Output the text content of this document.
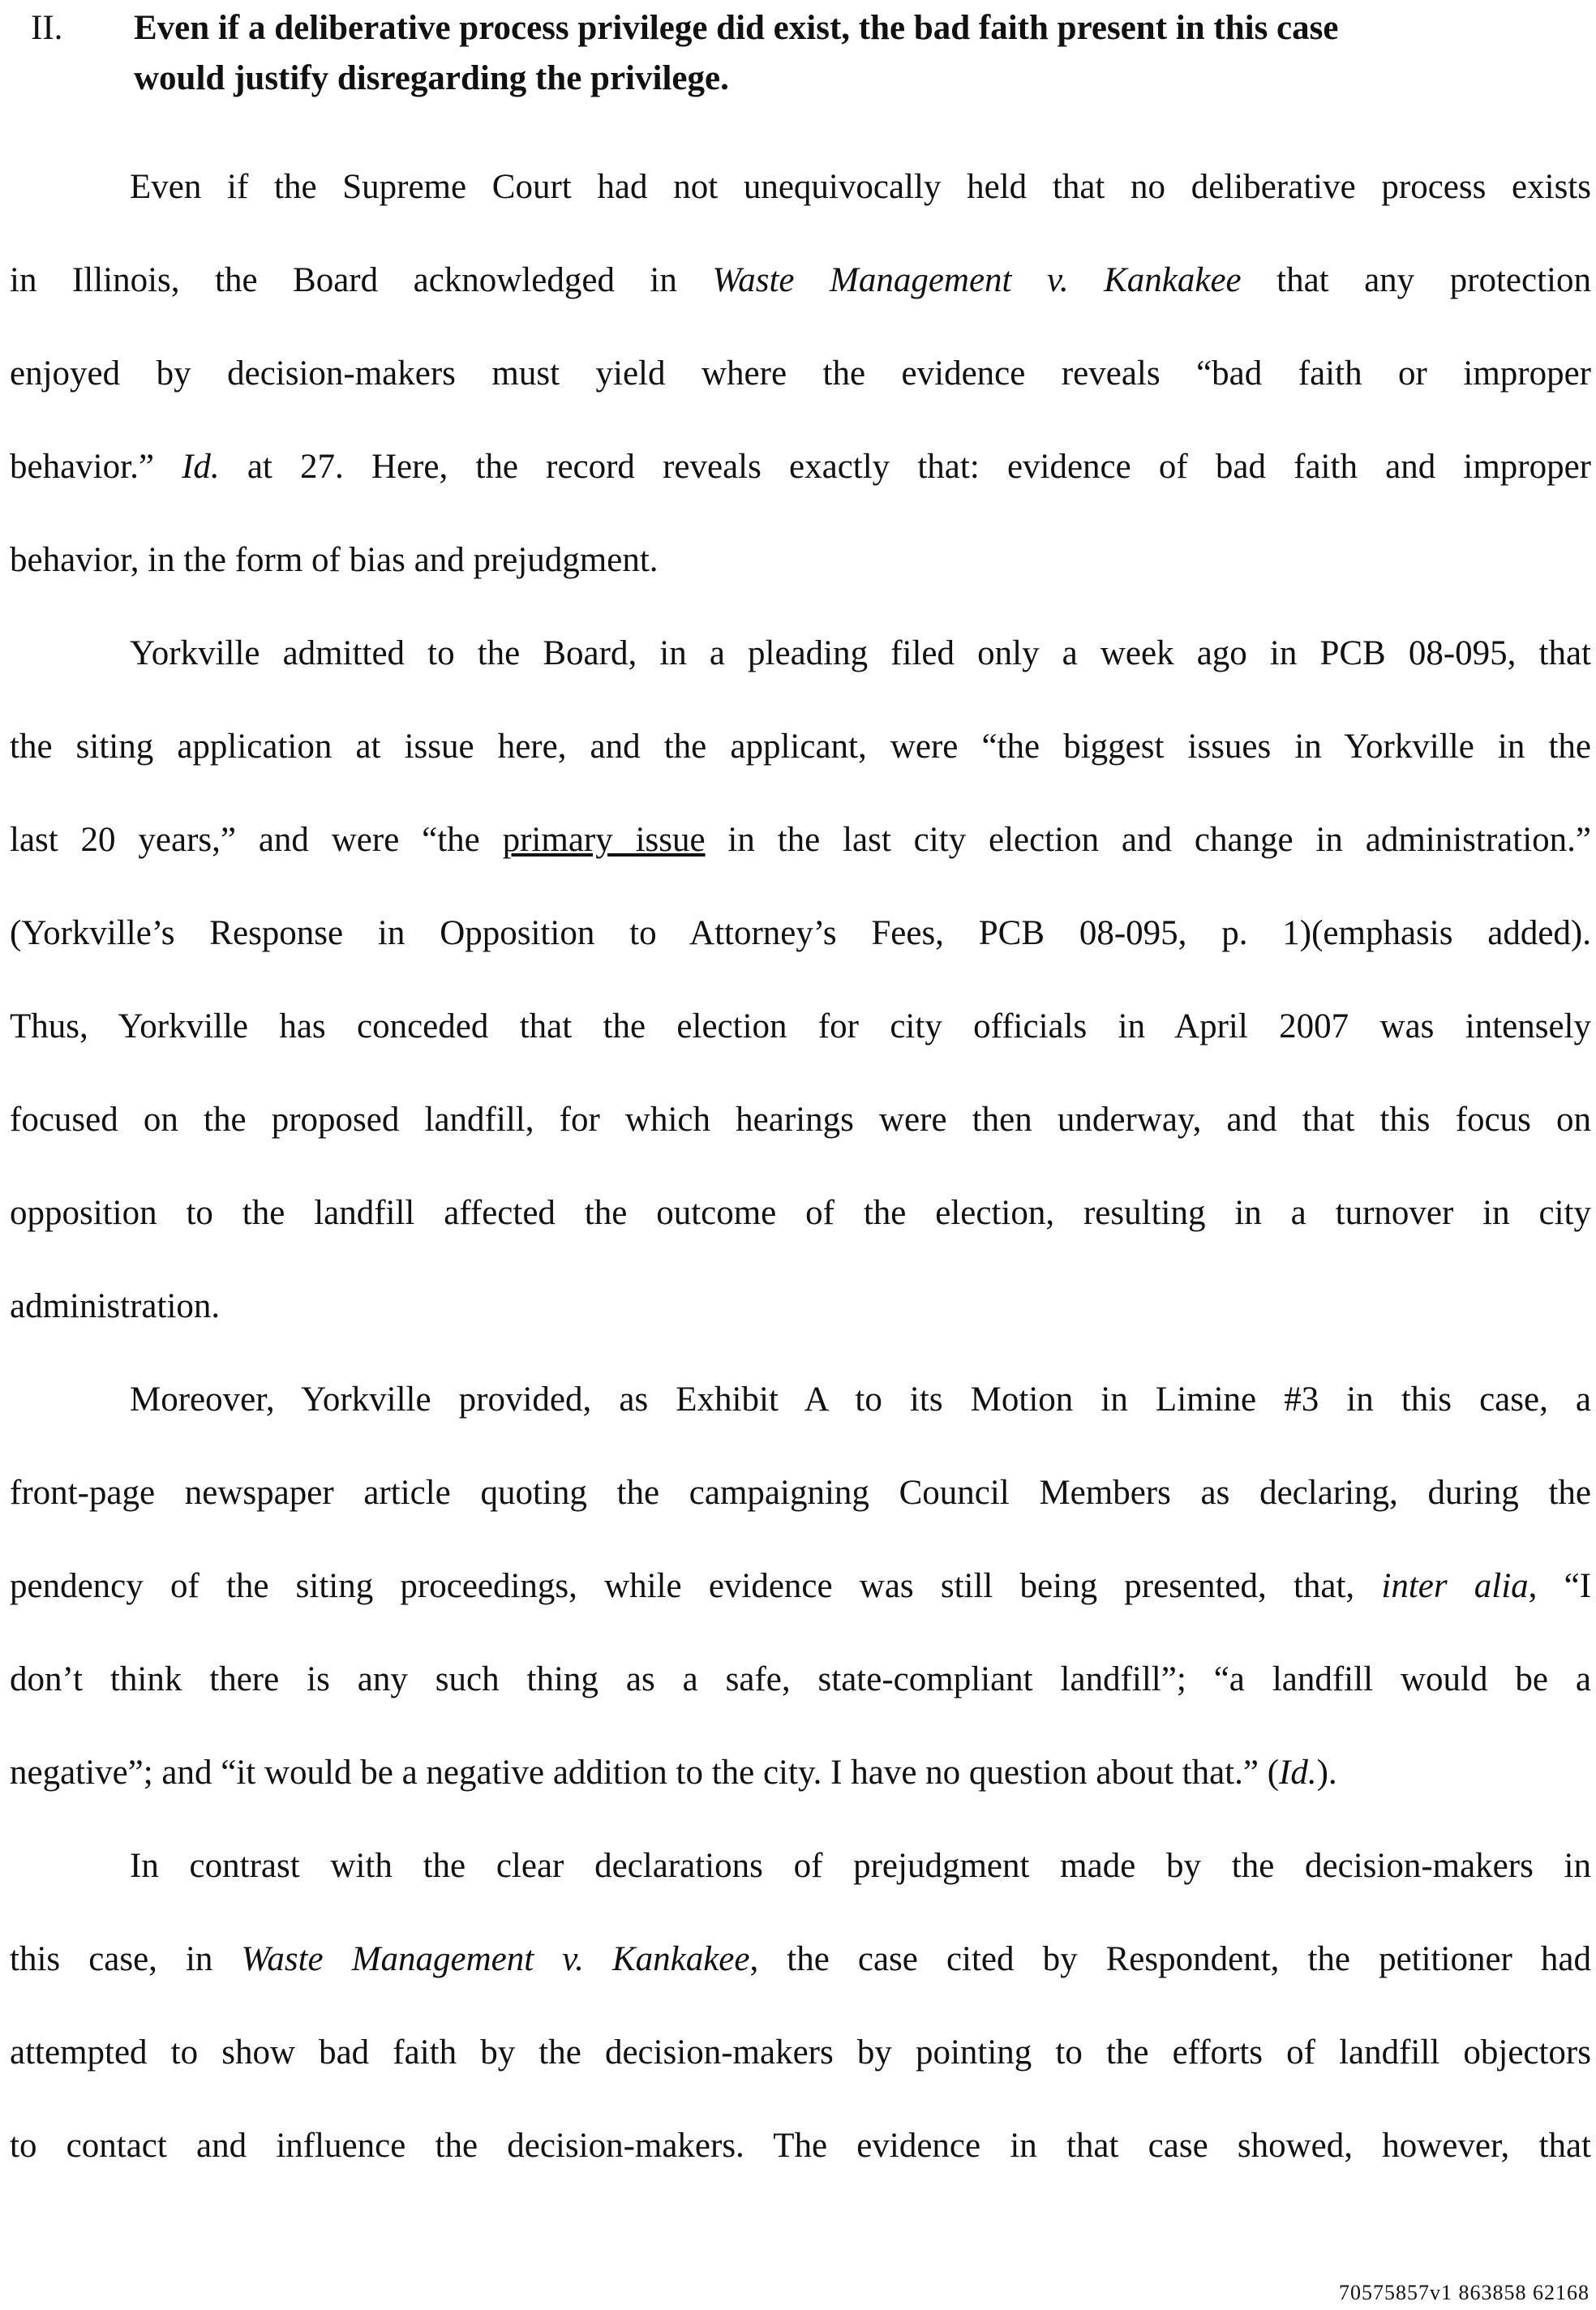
II. Even if a deliberative process privilege did exist, the bad faith present in this case
would justify disregarding the privilege.
Even if the Supreme Court had not unequivocally held that no deliberative process exists
in Illinois, the Board acknowledged in Waste Management v. Kankakee that any protection
enjoyed by decision-makers must yield where the evidence reveals “bad faith or improper
behavior.” Id. at 27. Here, the record reveals exactly that: evidence of bad faith and improper
behavior, in the form of bias and prejudgment.
Yorkville admitted to the Board, in a pleading filed only a week ago in PCB 08-095, that
the siting application at issue here, and the applicant, were “the biggest issues in Yorkville in the
last 20 years,” and were “the primary issue in the last city election and change in administration.”
(Yorkville’s Response in Opposition to Attorney’s Fees, PCB 08-095, p. 1)(emphasis added).
Thus, Yorkville has conceded that the election for city officials in April 2007 was intensely
focused on the proposed landfill, for which hearings were then underway, and that this focus on
opposition to the landfill affected the outcome of the election, resulting in a turnover in city
administration.
Moreover, Yorkville provided, as Exhibit A to its Motion in Limine #3 in this case, a
front-page newspaper article quoting the campaigning Council Members as declaring, during the
pendency of the siting proceedings, while evidence was still being presented, that, inter alia, “I
don’t think there is any such thing as a safe, state-compliant landfill”; “a landfill would be a
negative”; and “it would be a negative addition to the city. I have no question about that.” (Id.).
In contrast with the clear declarations of prejudgment made by the decision-makers in
this case, in Waste Management v. Kankakee, the case cited by Respondent, the petitioner had
attempted to show bad faith by the decision-makers by pointing to the efforts of landfill objectors
to contact and influence the decision-makers. The evidence in that case showed, however, that
70575857v1 863858 62168
